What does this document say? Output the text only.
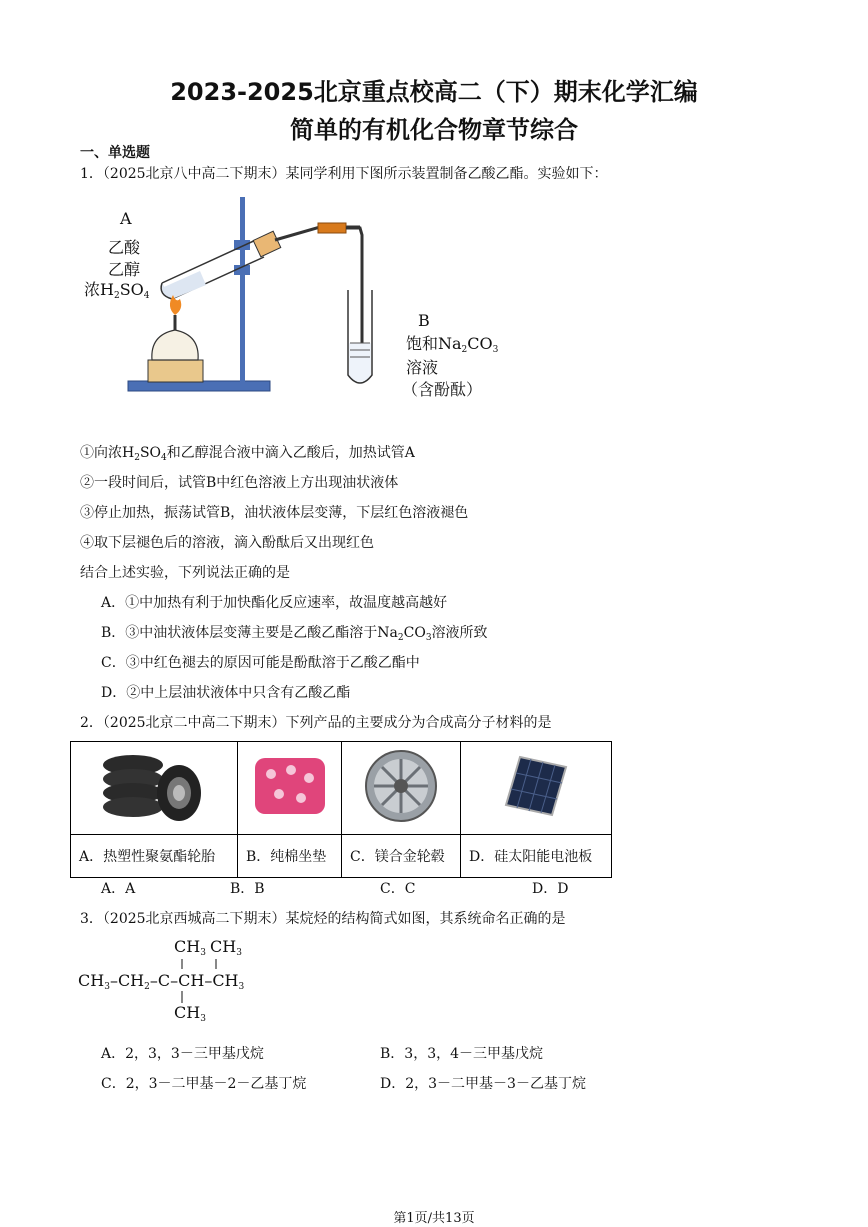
2023-2025北京重点校高二（下）期末化学汇编
简单的有机化合物章节综合
一、单选题
1．（2025北京八中高二下期末）某同学利用下图所示装置制备乙酸乙酯。实验如下：
A
乙酸
乙醇
浓$H_2SO_4$
B
饱和$Na_2CO_3$
溶液
（含酚酞）
①向浓$H_2SO_4$和乙醇混合液中滴入乙酸后，加热试管A
②一段时间后，试管B中红色溶液上方出现油状液体
③停止加热，振荡试管B，油状液体层变薄，下层红色溶液褪色
④取下层褪色后的溶液，滴入酚酞后又出现红色
结合上述实验，下列说法正确的是
A．①中加热有利于加快酯化反应速率，故温度越高越好
B．③中油状液体层变薄主要是乙酸乙酯溶于$Na_2CO_3$溶液所致
C．③中红色褪去的原因可能是酚酞溶于乙酸乙酯中
D．②中上层油状液体中只含有乙酸乙酯
2．（2025北京二中高二下期末）下列产品的主要成分为合成高分子材料的是

A．热塑性聚氨酯轮胎	B．纯棉坐垫	C．镁合金轮毂	D．硅太阳能电池板
A．A	B．B	C．C	D．D
3．（2025北京西城高二下期末）某烷烃的结构简式如图，其系统命名正确的是
$CH_3$ $CH_3$
$CH_3-CH_2-C-CH-CH_3$
$CH_3$
A．2，3，3－三甲基戊烷	B．3，3，4－三甲基戊烷
C．2，3－二甲基－2－乙基丁烷	D．2，3－二甲基－3－乙基丁烷
第1页/共13页
